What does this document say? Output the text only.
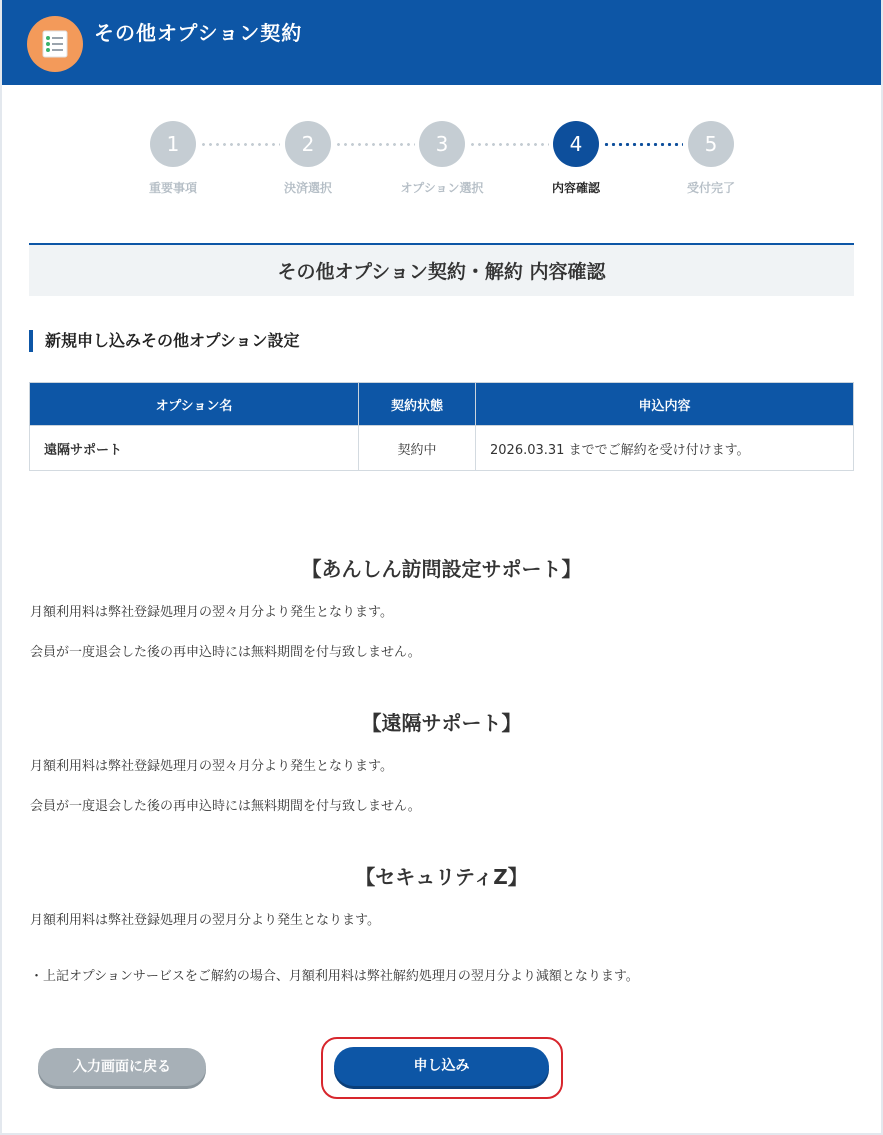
その他オプション契約
1	2	3	4	5
重要事項	決済選択	オプション選択	内容確認	受付完了
その他オプション契約・解約 内容確認
新規申し込みその他オプション設定
オプション名	契約状態	申込内容
遠隔サポート	契約中	2026.03.31 まででご解約を受け付けます。
【あんしん訪問設定サポート】
月額利用料は弊社登録処理月の翌々月分より発生となります。
会員が一度退会した後の再申込時には無料期間を付与致しません。
【遠隔サポート】
月額利用料は弊社登録処理月の翌々月分より発生となります。
会員が一度退会した後の再申込時には無料期間を付与致しません。
【セキュリティZ】
月額利用料は弊社登録処理月の翌月分より発生となります。
・上記オプションサービスをご解約の場合、月額利用料は弊社解約処理月の翌月分より減額となります。
入力画面に戻る	申し込み
